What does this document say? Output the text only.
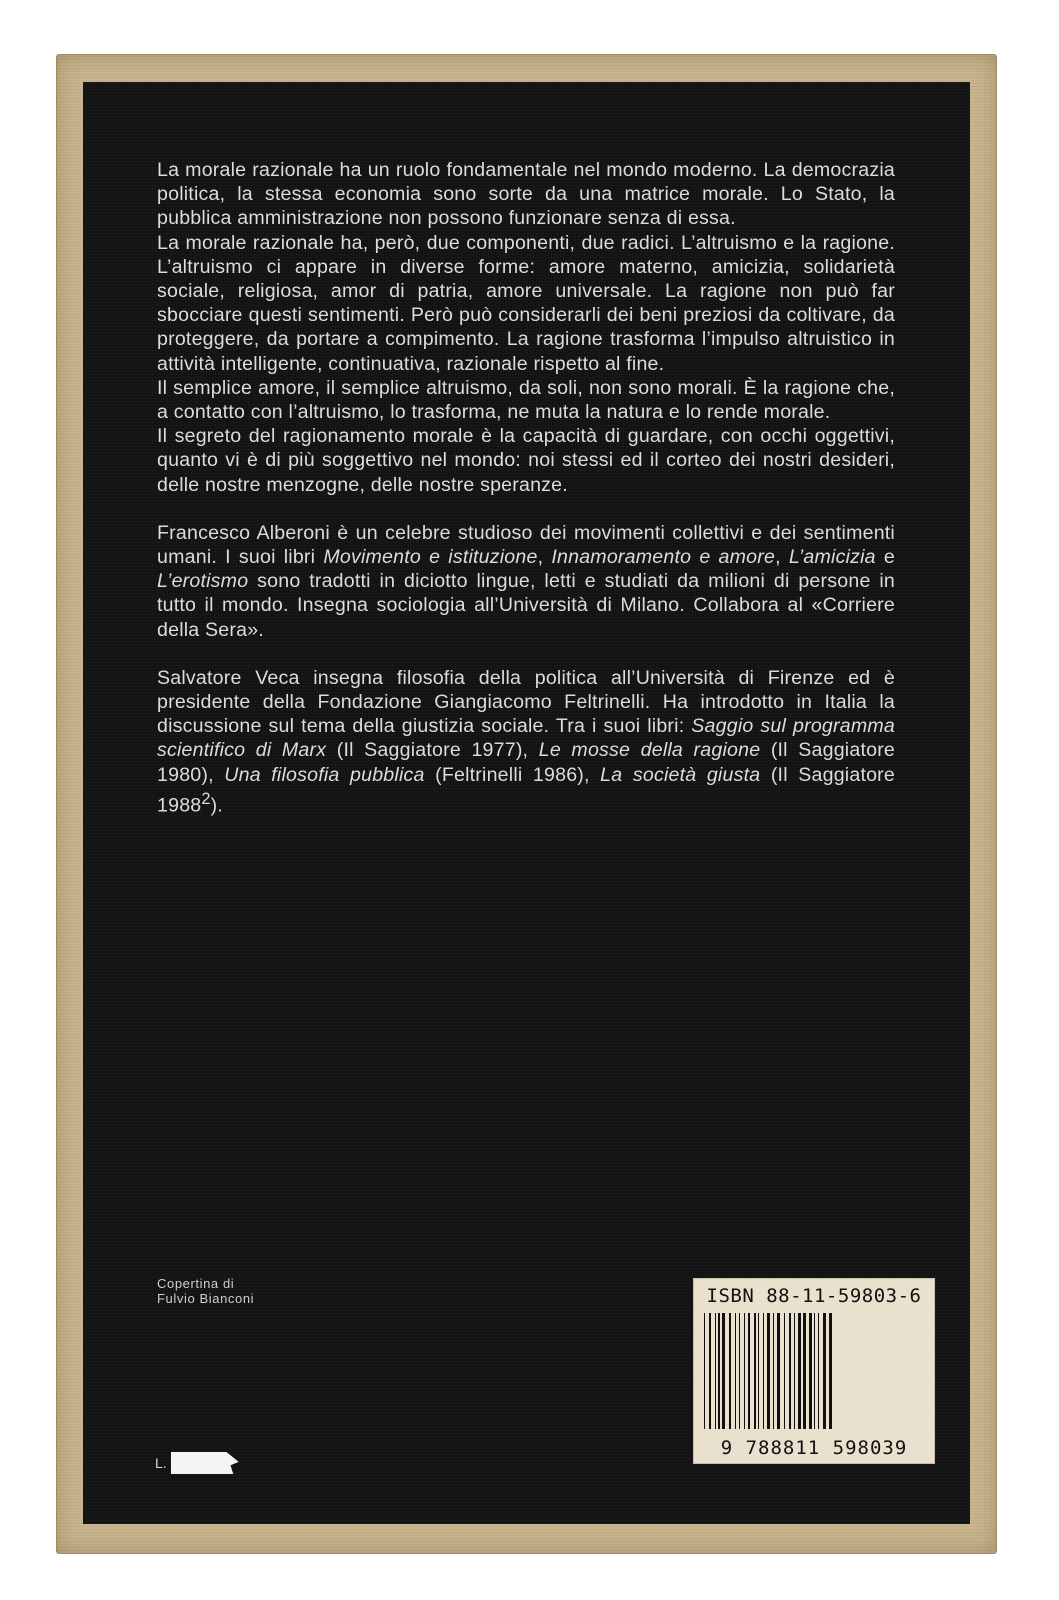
La morale razionale ha un ruolo fondamentale nel mondo moderno. La democrazia politica, la stessa economia sono sorte da una matrice morale. Lo Stato, la pubblica amministrazione non possono funzionare senza di essa.

La morale razionale ha, però, due componenti, due radici. L’altruismo e la ragione. L’altruismo ci appare in diverse forme: amore materno, amicizia, solidarietà sociale, religiosa, amor di patria, amore universale. La ragione non può far sbocciare questi sentimenti. Però può considerarli dei beni preziosi da coltivare, da proteggere, da portare a compimento. La ragione trasforma l’impulso altruistico in attività intelligente, continuativa, razionale rispetto al fine.

Il semplice amore, il semplice altruismo, da soli, non sono morali. È la ragione che, a contatto con l’altruismo, lo trasforma, ne muta la natura e lo rende morale.

Il segreto del ragionamento morale è la capacità di guardare, con occhi oggettivi, quanto vi è di più soggettivo nel mondo: noi stessi ed il corteo dei nostri desideri, delle nostre menzogne, delle nostre speranze.

Francesco Alberoni è un celebre studioso dei movimenti collettivi e dei sentimenti umani. I suoi libri Movimento e istituzione, Innamoramento e amore, L’amicizia e L’erotismo sono tradotti in diciotto lingue, letti e studiati da milioni di persone in tutto il mondo. Insegna sociologia all’Università di Milano. Collabora al «Corriere della Sera».

Salvatore Veca insegna filosofia della politica all’Università di Firenze ed è presidente della Fondazione Giangiacomo Feltrinelli. Ha introdotto in Italia la discussione sul tema della giustizia sociale. Tra i suoi libri: Saggio sul programma scientifico di Marx (Il Saggiatore 1977), Le mosse della ragione (Il Saggiatore 1980), Una filosofia pubblica (Feltrinelli 1986), La società giusta (Il Saggiatore 1988$^2$).

Copertina di
Fulvio Bianconi
L.
ISBN 88-11-59803-6
9 788811 598039
